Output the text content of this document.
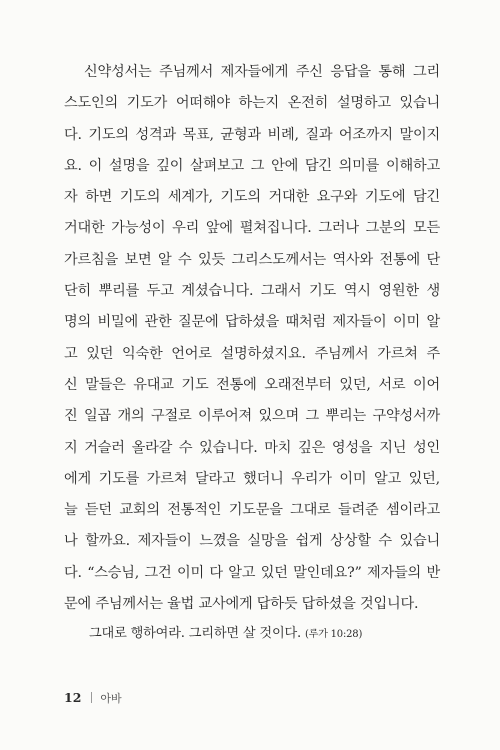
신약성서는 주님께서 제자들에게 주신 응답을 통해 그리
스도인의 기도가 어떠해야 하는지 온전히 설명하고 있습니
다. 기도의 성격과 목표, 균형과 비례, 질과 어조까지 말이지
요. 이 설명을 깊이 살펴보고 그 안에 담긴 의미를 이해하고
자 하면 기도의 세계가, 기도의 거대한 요구와 기도에 담긴
거대한 가능성이 우리 앞에 펼쳐집니다. 그러나 그분의 모든
가르침을 보면 알 수 있듯 그리스도께서는 역사와 전통에 단
단히 뿌리를 두고 계셨습니다. 그래서 기도 역시 영원한 생
명의 비밀에 관한 질문에 답하셨을 때처럼 제자들이 이미 알
고 있던 익숙한 언어로 설명하셨지요. 주님께서 가르쳐 주
신 말들은 유대교 기도 전통에 오래전부터 있던, 서로 이어
진 일곱 개의 구절로 이루어져 있으며 그 뿌리는 구약성서까
지 거슬러 올라갈 수 있습니다. 마치 깊은 영성을 지닌 성인
에게 기도를 가르쳐 달라고 했더니 우리가 이미 알고 있던,
늘 듣던 교회의 전통적인 기도문을 그대로 들려준 셈이라고
나 할까요. 제자들이 느꼈을 실망을 쉽게 상상할 수 있습니
다. “스승님, 그건 이미 다 알고 있던 말인데요?” 제자들의 반
문에 주님께서는 율법 교사에게 답하듯 답하셨을 것입니다.
그대로 행하여라. 그리하면 살 것이다. (루가 10:28)
12 아바
